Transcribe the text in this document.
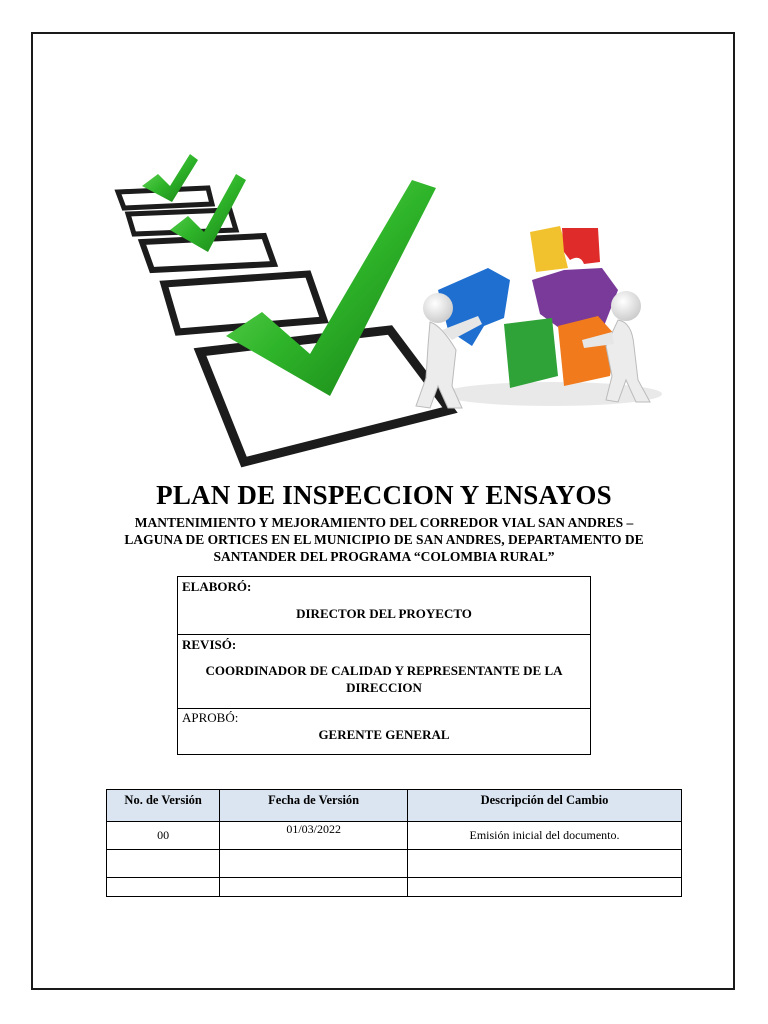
PLAN DE INSPECCION Y ENSAYOS
MANTENIMIENTO Y MEJORAMIENTO DEL CORREDOR VIAL SAN ANDRES –
LAGUNA DE ORTICES EN EL MUNICIPIO DE SAN ANDRES, DEPARTAMENTO DE
SANTANDER DEL PROGRAMA “COLOMBIA RURAL”
ELABORÓ:
DIRECTOR DEL PROYECTO
REVISÓ:
COORDINADOR DE CALIDAD Y REPRESENTANTE DE LA
DIRECCION
APROBÓ:
GERENTE GENERAL
No. de Versión	Fecha de Versión	Descripción del Cambio
00	01/03/2022	Emisión inicial del documento.
